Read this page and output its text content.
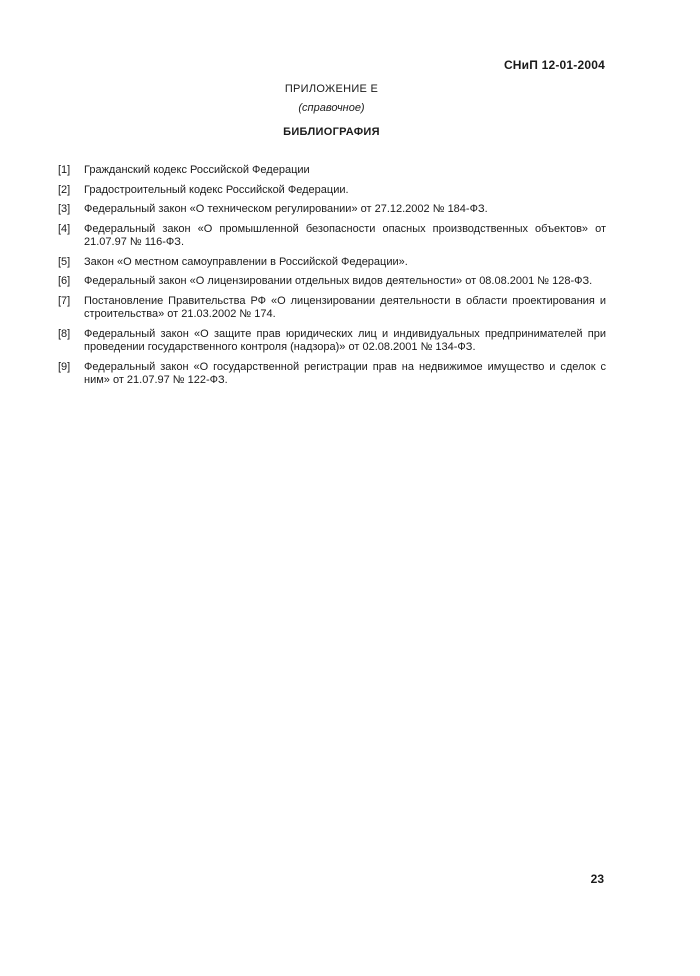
СНиП 12-01-2004
ПРИЛОЖЕНИЕ Е
(справочное)
БИБЛИОГРАФИЯ
[1]	Гражданский кодекс Российской Федерации
[2]	Градостроительный кодекс Российской Федерации.
[3]	Федеральный закон «О техническом регулировании» от 27.12.2002 № 184-ФЗ.
[4]	Федеральный закон «О промышленной безопасности опасных производственных объектов» от 21.07.97 № 116-ФЗ.
[5]	Закон «О местном самоуправлении в Российской Федерации».
[6]	Федеральный закон «О лицензировании отдельных видов деятельности» от 08.08.2001 № 128-ФЗ.
[7]	Постановление Правительства РФ «О лицензировании деятельности в области проектирования и строительства» от 21.03.2002 № 174.
[8]	Федеральный закон «О защите прав юридических лиц и индивидуальных предпринимателей при проведении государственного контроля (надзора)» от 02.08.2001 № 134-ФЗ.
[9]	Федеральный закон «О государственной регистрации прав на недвижимое имущество и сделок с ним» от 21.07.97 № 122-ФЗ.
23
